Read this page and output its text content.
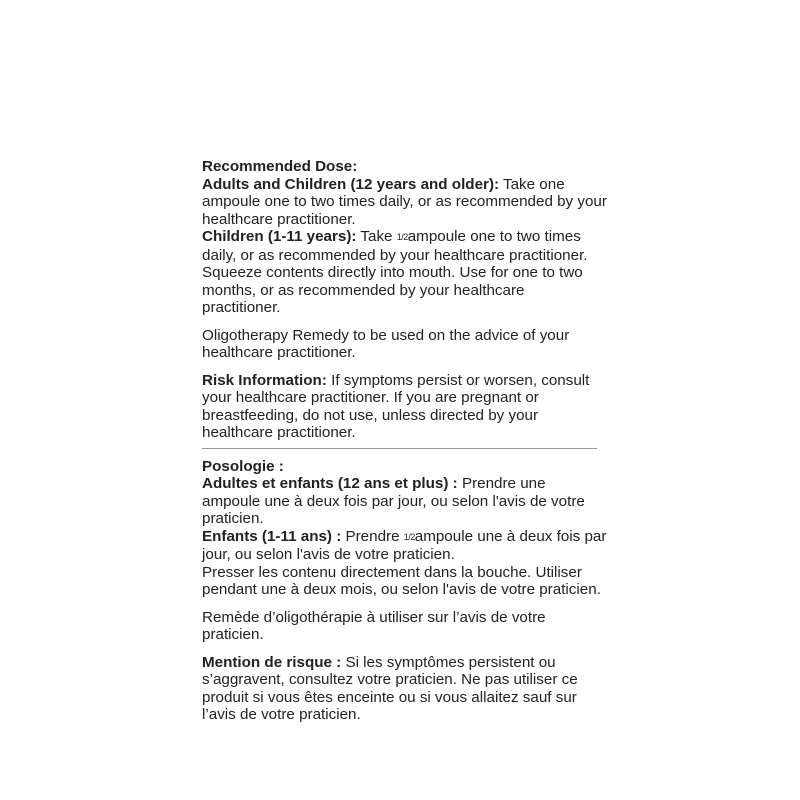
Recommended Dose:

Adults and Children (12 years and older): Take one ampoule one to two times daily, or as recommended by your healthcare practitioner.

Children (1-11 years): Take 1/2ampoule one to two times daily, or as recommended by your healthcare practitioner.

Squeeze contents directly into mouth. Use for one to two months, or as recommended by your healthcare practitioner.

Oligotherapy Remedy to be used on the advice of your healthcare practitioner.

Risk Information: If symptoms persist or worsen, consult your healthcare practitioner. If you are pregnant or breastfeeding, do not use, unless directed by your healthcare practitioner.

Posologie :

Adultes et enfants (12 ans et plus) : Prendre une ampoule une à deux fois par jour, ou selon l'avis de votre praticien.

Enfants (1-11 ans) : Prendre 1/2ampoule une à deux fois par jour, ou selon l'avis de votre praticien.

Presser les contenu directement dans la bouche. Utiliser pendant une à deux mois, ou selon l'avis de votre praticien.

Remède d’oligothérapie à utiliser sur l’avis de votre praticien.

Mention de risque : Si les symptômes persistent ou s’aggravent, consultez votre praticien. Ne pas utiliser ce produit si vous êtes enceinte ou si vous allaitez sauf sur l’avis de votre praticien.
